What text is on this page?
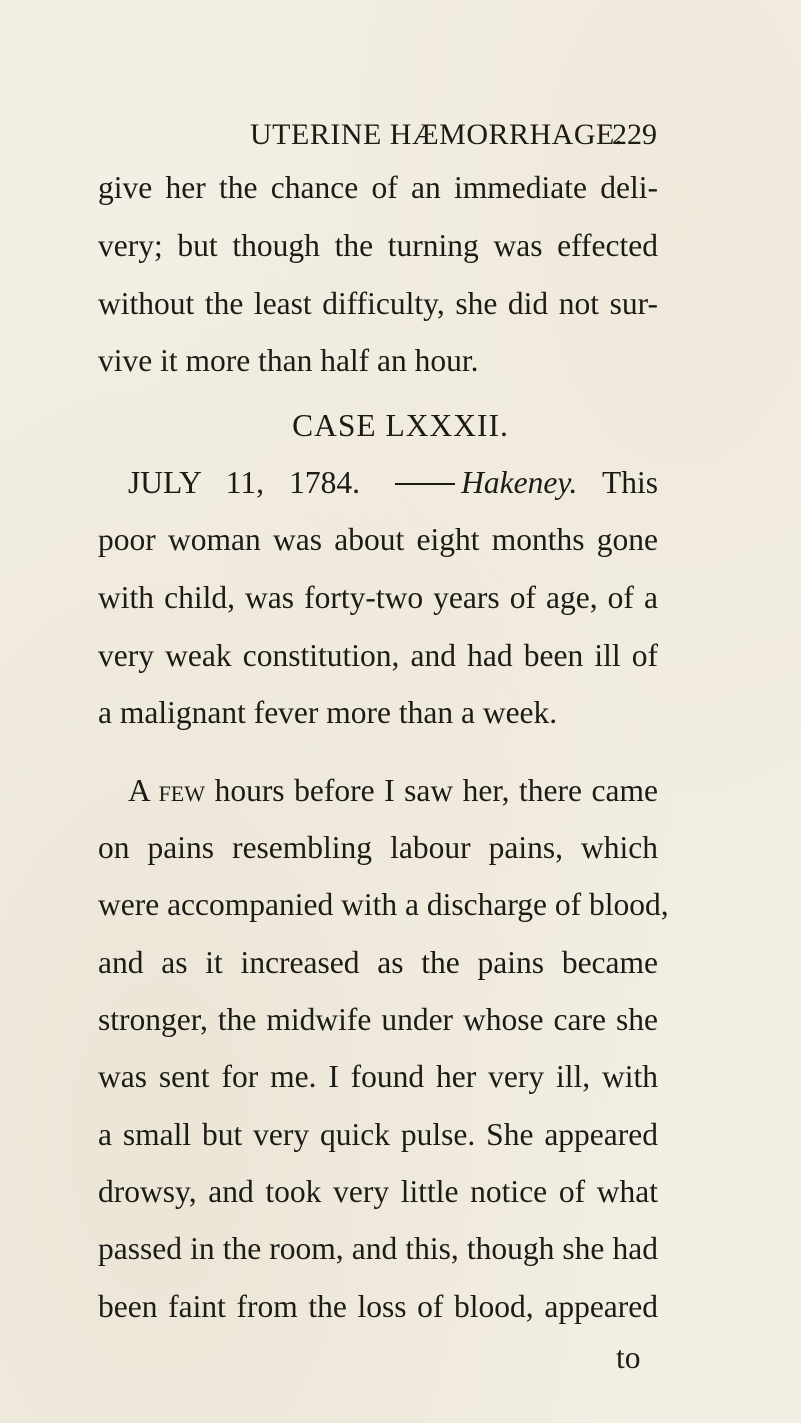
UTERINE HÆMORRHAGE.
229
give her the chance of an immediate deli-
very; but though the turning was effected
without the least difficulty, she did not sur-
vive it more than half an hour.
CASE LXXXII.
JULY 11, 1784.	Hakeney. This
poor woman was about eight months gone
with child, was forty-two years of age, of a
very weak constitution, and had been ill of
a malignant fever more than a week.
A few hours before I saw her, there came
on pains resembling labour pains, which
were accompanied with a discharge of blood,
and as it increased as the pains became
stronger, the midwife under whose care she
was sent for me. I found her very ill, with
a small but very quick pulse. She appeared
drowsy, and took very little notice of what
passed in the room, and this, though she had
been faint from the loss of blood, appeared
to
